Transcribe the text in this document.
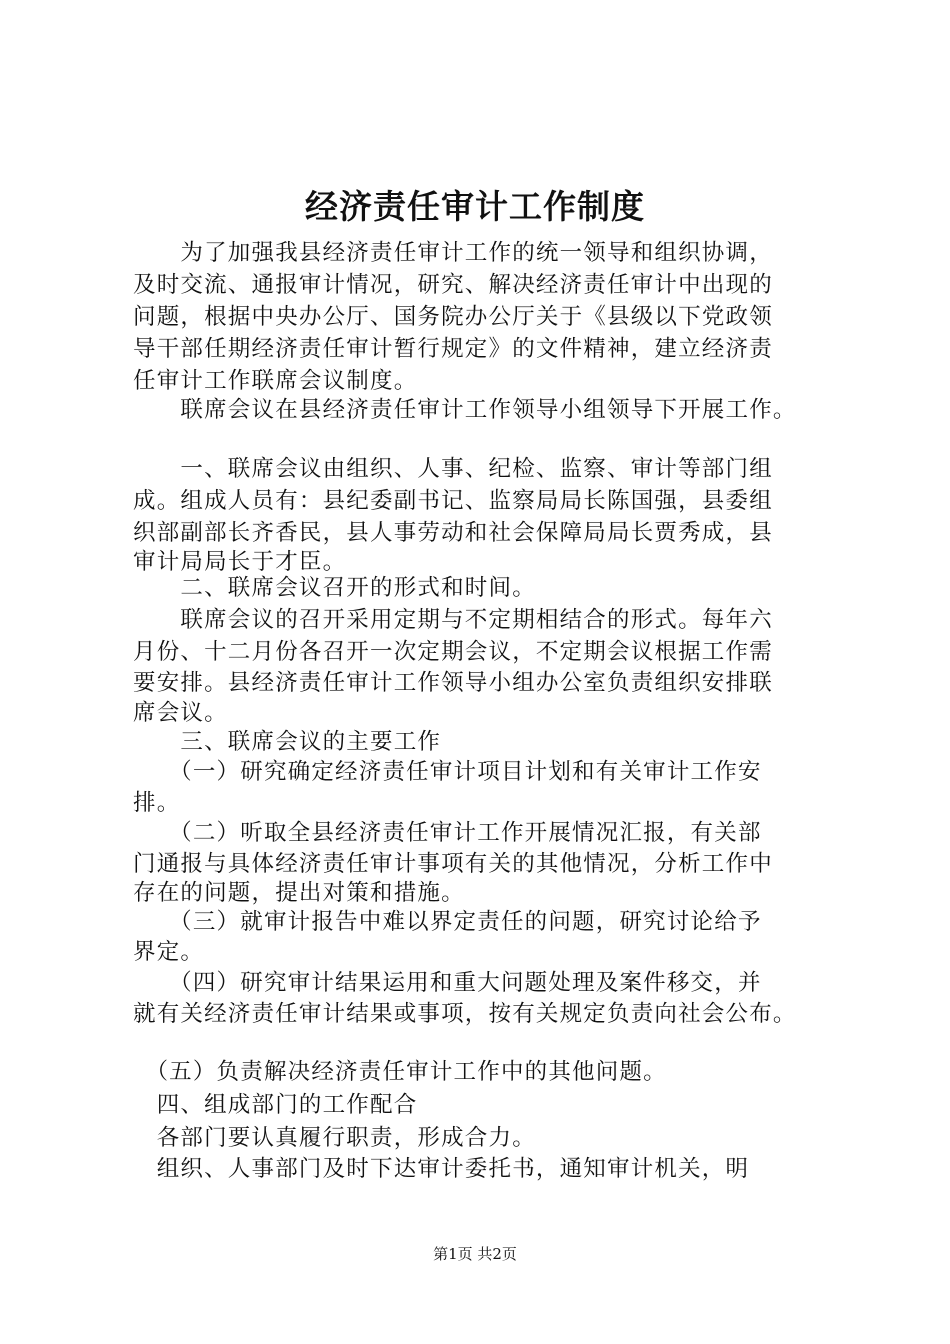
经济责任审计工作制度
　　为了加强我县经济责任审计工作的统一领导和组织协调，
及时交流、通报审计情况，研究、解决经济责任审计中出现的
问题，根据中央办公厅、国务院办公厅关于《县级以下党政领
导干部任期经济责任审计暂行规定》的文件精神，建立经济责
任审计工作联席会议制度。
　　联席会议在县经济责任审计工作领导小组领导下开展工作。
　　一、联席会议由组织、人事、纪检、监察、审计等部门组
成。组成人员有：县纪委副书记、监察局局长陈国强，县委组
织部副部长齐香民，县人事劳动和社会保障局局长贾秀成，县
审计局局长于才臣。
　　二、联席会议召开的形式和时间。
　　联席会议的召开采用定期与不定期相结合的形式。每年六
月份、十二月份各召开一次定期会议，不定期会议根据工作需
要安排。县经济责任审计工作领导小组办公室负责组织安排联
席会议。
　　三、联席会议的主要工作
　　（一）研究确定经济责任审计项目计划和有关审计工作安
排。
　　（二）听取全县经济责任审计工作开展情况汇报，有关部
门通报与具体经济责任审计事项有关的其他情况，分析工作中
存在的问题，提出对策和措施。
　　（三）就审计报告中难以界定责任的问题，研究讨论给予
界定。
　　（四）研究审计结果运用和重大问题处理及案件移交，并
就有关经济责任审计结果或事项，按有关规定负责向社会公布。
　（五）负责解决经济责任审计工作中的其他问题。
　四、组成部门的工作配合
　各部门要认真履行职责，形成合力。
　组织、人事部门及时下达审计委托书，通知审计机关，明
第1页 共2页
